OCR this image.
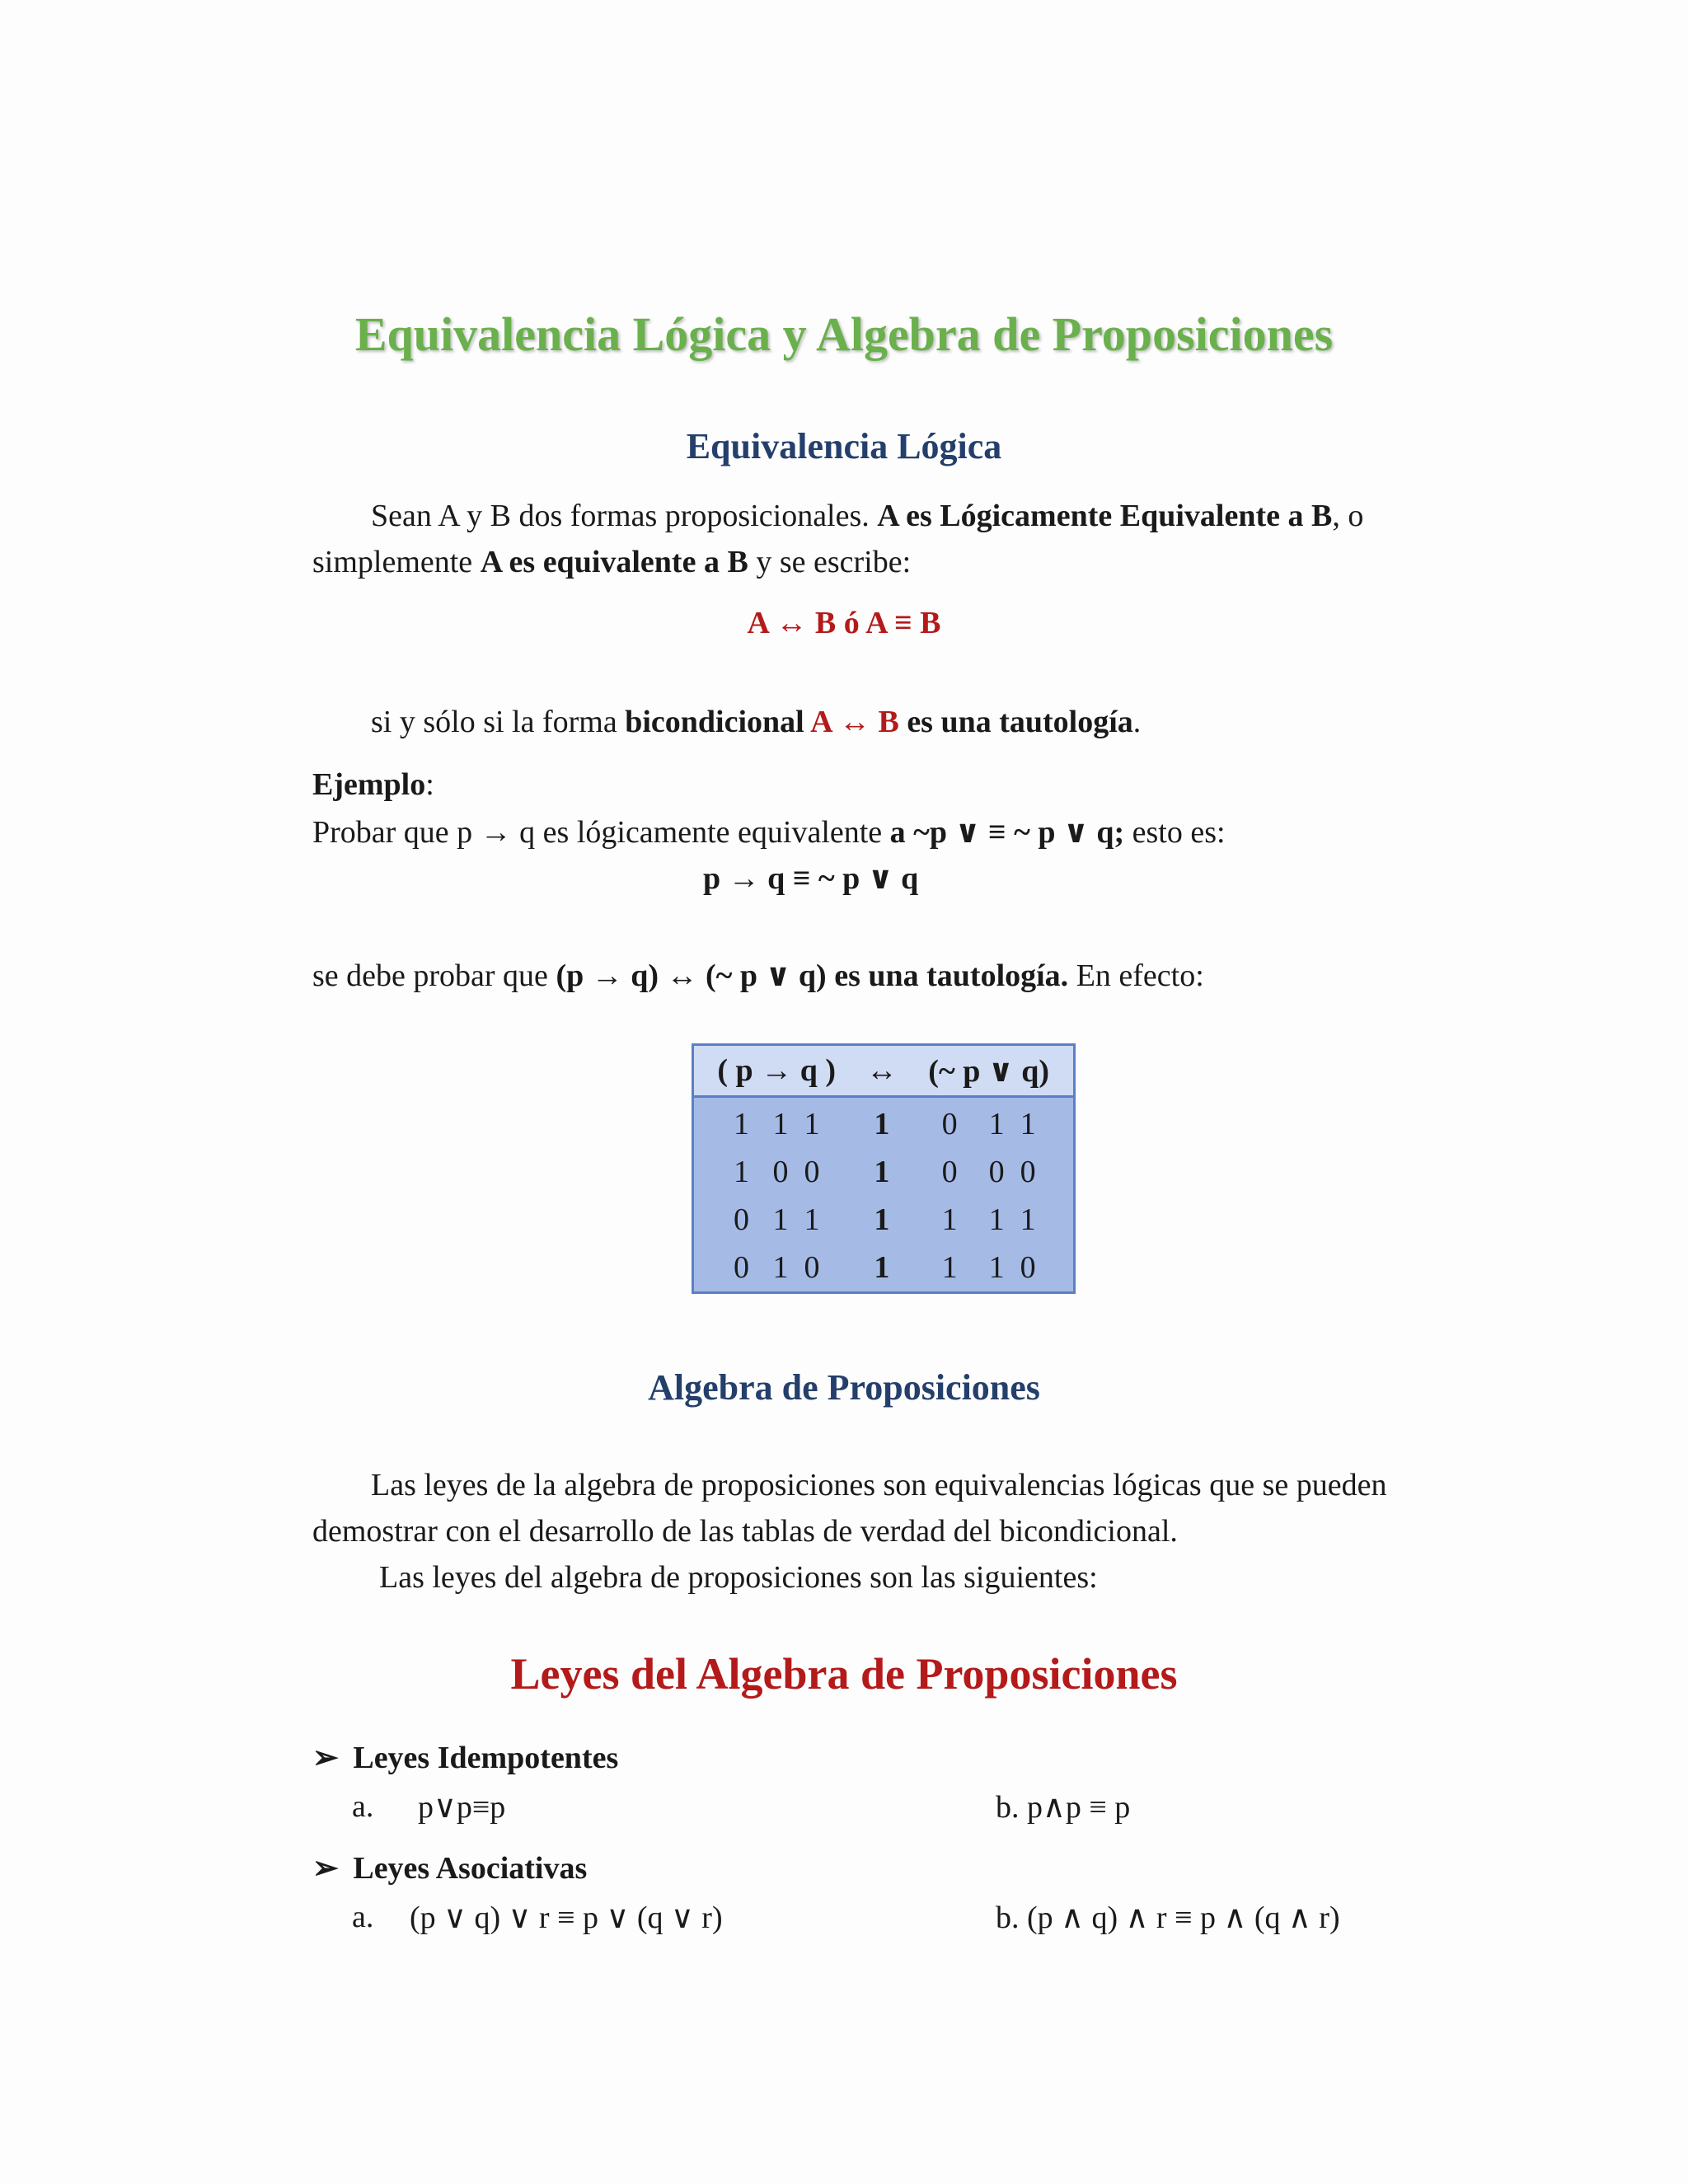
Equivalencia Lógica y Algebra de Proposiciones
Equivalencia Lógica
Sean A y B dos formas proposicionales. A es Lógicamente Equivalente a B, o
simplemente A es equivalente a B y se escribe:
A ↔ B ó A ≡ B
si y sólo si la forma bicondicional A ↔ B es una tautología.
Ejemplo:
Probar que p → q es lógicamente equivalente a ~p ∨ ≡ ~ p ∨ q; esto es:
p → q ≡ ~ p ∨ q
se debe probar que (p → q) ↔ (~ p ∨ q) es una tautología. En efecto:
( p → q )	↔	(~ p ∨ q)
1   1  1	1	0    1  1
1   0  0	1	0    0  0
0   1  1	1	1    1  1
0   1  0	1	1    1  0
Algebra de Proposiciones
Las leyes de la algebra de proposiciones son equivalencias lógicas que se pueden
demostrar con el desarrollo de las tablas de verdad del bicondicional.
Las leyes del algebra de proposiciones son las siguientes:
Leyes del Algebra de Proposiciones
➢ Leyes Idempotentes
a. p∨p≡p	b. p∧p ≡ p
➢ Leyes Asociativas
a. (p ∨ q) ∨ r ≡ p ∨ (q ∨ r)	b. (p ∧ q) ∧ r ≡ p ∧ (q ∧ r)
